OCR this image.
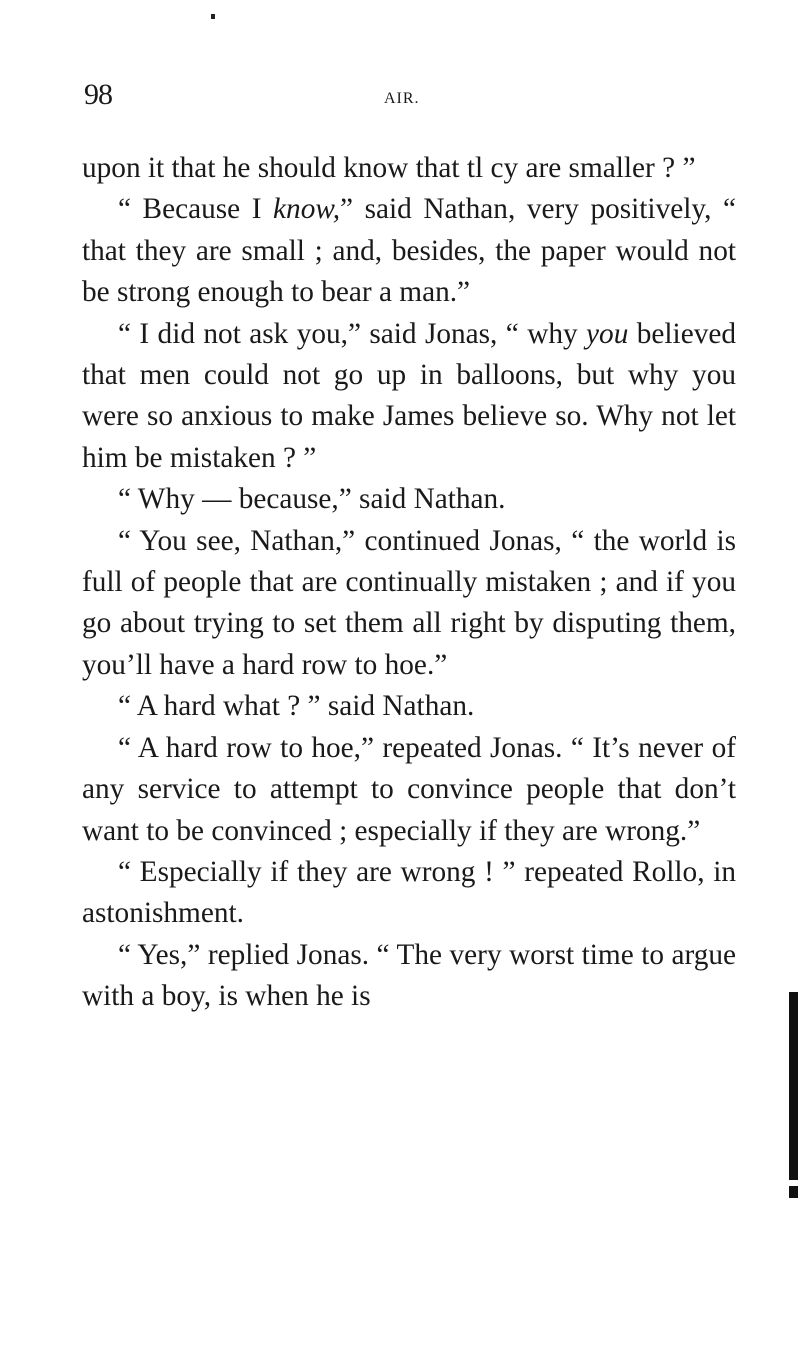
98	AIR.

upon it that he should know that tl cy are smaller ? ”

“ Because I know,” said Nathan, very positively, “ that they are small ; and, besides, the paper would not be strong enough to bear a man.”

“ I did not ask you,” said Jonas, “ why you believed that men could not go up in balloons, but why you were so anxious to make James believe so. Why not let him be mistaken ? ”

“ Why — because,” said Nathan.

“ You see, Nathan,” continued Jonas, “ the world is full of people that are continually mistaken ; and if you go about trying to set them all right by disputing them, you’ll have a hard row to hoe.”

“ A hard what ? ” said Nathan.

“ A hard row to hoe,” repeated Jonas. “ It’s never of any service to attempt to convince people that don’t want to be convinced ; especially if they are wrong.”

“ Especially if they are wrong ! ” repeated Rollo, in astonishment.

“ Yes,” replied Jonas. “ The very worst time to argue with a boy, is when he is
